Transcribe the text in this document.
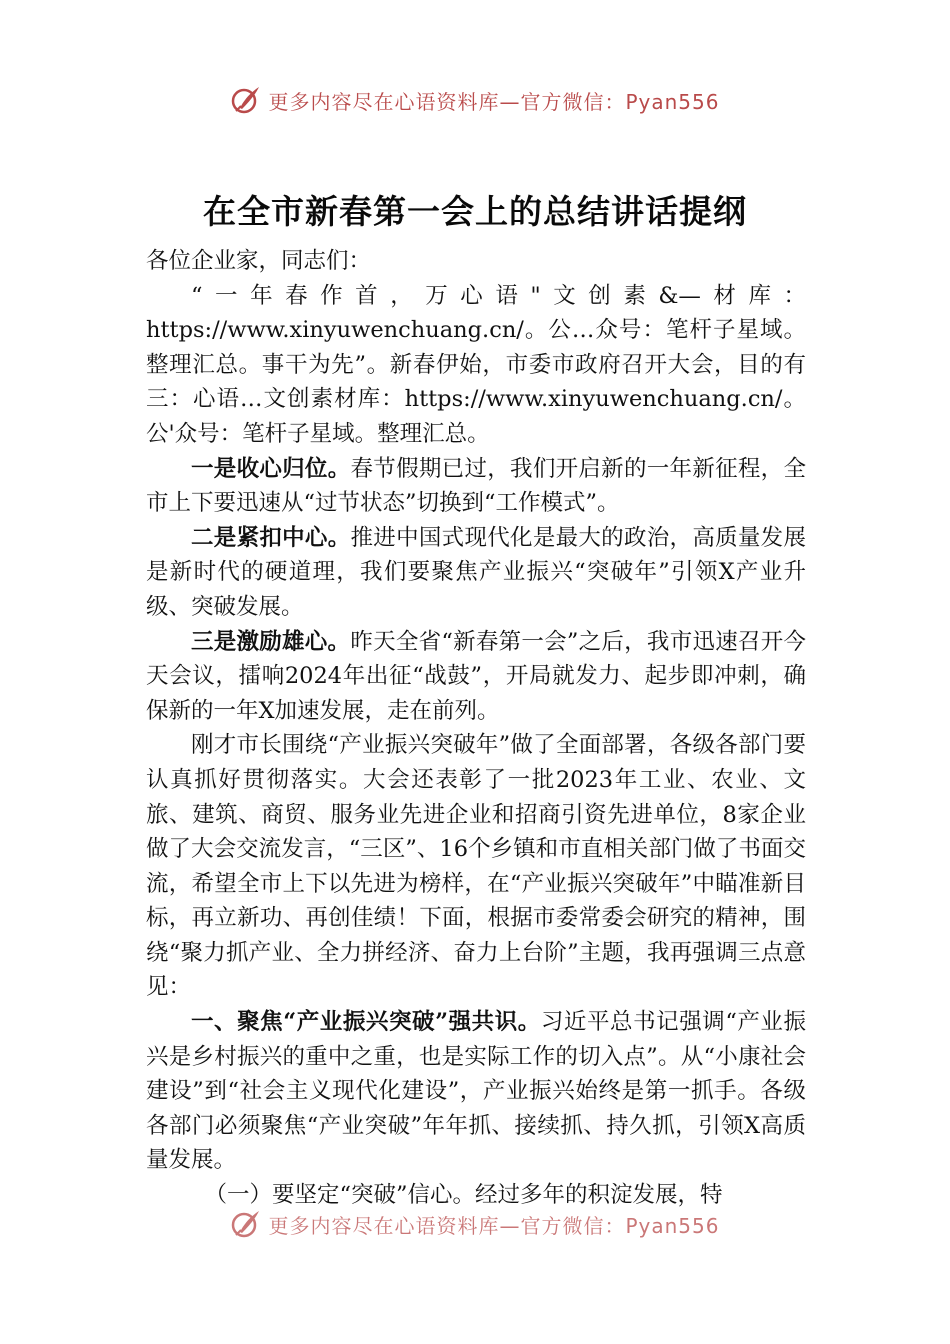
更多内容尽在心语资料库—官方微信：Pyan556
在全市新春第一会上的总结讲话提纲

各位企业家，同志们：

“一年春作首，万心语"文创素&—材库：https://www.xinyuwenchuang.cn/。公…众号：笔杆子星域。整理汇总。事干为先”。新春伊始，市委市政府召开大会，目的有三：心语…文创素材库：https://www.xinyuwenchuang.cn/。公'众号：笔杆子星域。整理汇总。

一是收心归位。春节假期已过，我们开启新的一年新征程，全市上下要迅速从“过节状态”切换到“工作模式”。

二是紧扣中心。推进中国式现代化是最大的政治，高质量发展是新时代的硬道理，我们要聚焦产业振兴“突破年”引领X产业升级、突破发展。

三是激励雄心。昨天全省“新春第一会”之后，我市迅速召开今天会议，擂响2024年出征“战鼓”，开局就发力、起步即冲刺，确保新的一年X加速发展，走在前列。

刚才市长围绕“产业振兴突破年”做了全面部署，各级各部门要认真抓好贯彻落实。大会还表彰了一批2023年工业、农业、文旅、建筑、商贸、服务业先进企业和招商引资先进单位，8家企业做了大会交流发言，“三区”、16个乡镇和市直相关部门做了书面交流，希望全市上下以先进为榜样，在“产业振兴突破年”中瞄准新目标，再立新功、再创佳绩！下面，根据市委常委会研究的精神，围绕“聚力抓产业、全力拼经济、奋力上台阶”主题，我再强调三点意见：

一、聚焦“产业振兴突破”强共识。习近平总书记强调“产业振兴是乡村振兴的重中之重，也是实际工作的切入点”。从“小康社会建设”到“社会主义现代化建设”，产业振兴始终是第一抓手。各级各部门必须聚焦“产业突破”年年抓、接续抓、持久抓，引领X高质量发展。

（一）要坚定“突破”信心。经过多年的积淀发展，特

更多内容尽在心语资料库—官方微信：Pyan556
